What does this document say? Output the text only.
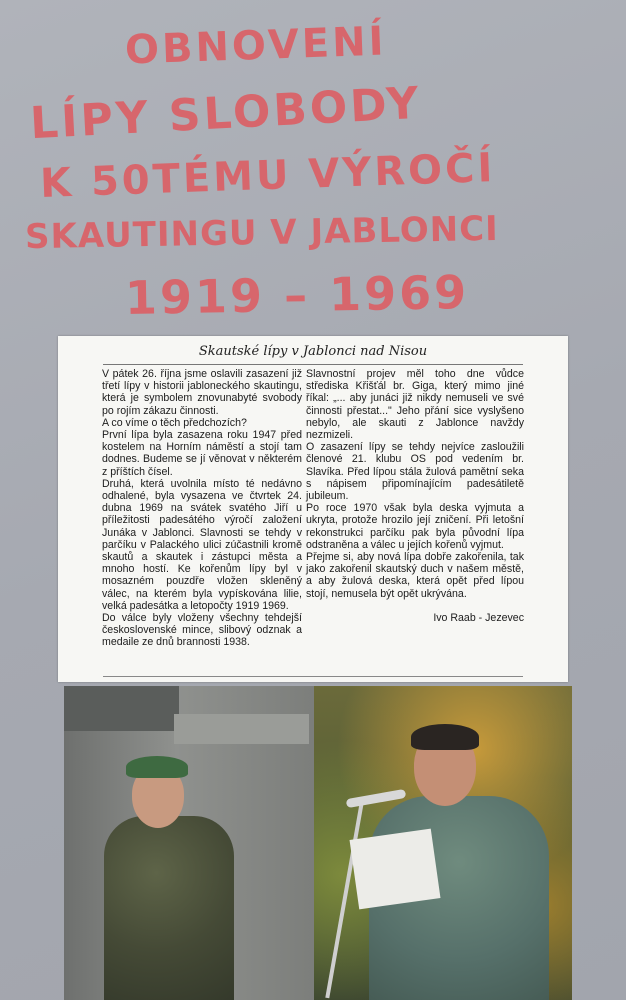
OBNOVENÍ
LÍPY SLOBODY
K 50TÉMU VÝROČÍ
SKAUTINGU V JABLONCI
1919 – 1969
Skautské lípy v Jablonci nad Nisou

V pátek 26. října jsme oslavili zasazení již třetí lípy v historii jabloneckého skautingu, která je symbolem znovunabyté svobody po rojím zákazu činnosti.

A co víme o těch předchozích?

První lípa byla zasazena roku 1947 před kostelem na Horním náměstí a stojí tam dodnes. Budeme se jí věnovat v některém z příštích čísel.

Druhá, která uvolnila místo té nedávno odhalené, byla vysazena ve čtvrtek 24. dubna 1969 na svátek svatého Jiří u příležitosti padesátého výročí založení Junáka v Jablonci. Slavnosti se tehdy v parčíku v Palackého ulici zúčastnili kromě skautů a skautek i zástupci města a mnoho hostí. Ke kořenům lípy byl v mosazném pouzdře vložen skleněný válec, na kterém byla vypískována lilie, velká padesátka a letopočty 1919 1969.

Do válce byly vloženy všechny tehdejší československé mince, slibový odznak a medaile ze dnů brannosti 1938.

Slavnostní projev měl toho dne vůdce střediska Křišťál br. Giga, který mimo jiné říkal: „... aby junáci již nikdy nemuseli ve své činnosti přestat..." Jeho přání sice vyslyšeno nebylo, ale skauti z Jablonce navždy nezmizeli.

O zasazení lípy se tehdy nejvíce zasloužili členové 21. klubu OS pod vedením br. Slavíka. Před lípou stála žulová pamětní seka s nápisem připomínajícím padesátiletě jubileum.

Po roce 1970 však byla deska vyjmuta a ukryta, protože hrozilo její zničení. Při letošní rekonstrukci parčíku pak byla původní lípa odstraněna a válec u jejích kořenů vyjmut.

Přejme si, aby nová lípa dobře zakořenila, tak jako zakořenil skautský duch v našem městě, a aby žulová deska, která opět před lípou stojí, nemusela být opět ukrývána.

Ivo Raab - Jezevec
